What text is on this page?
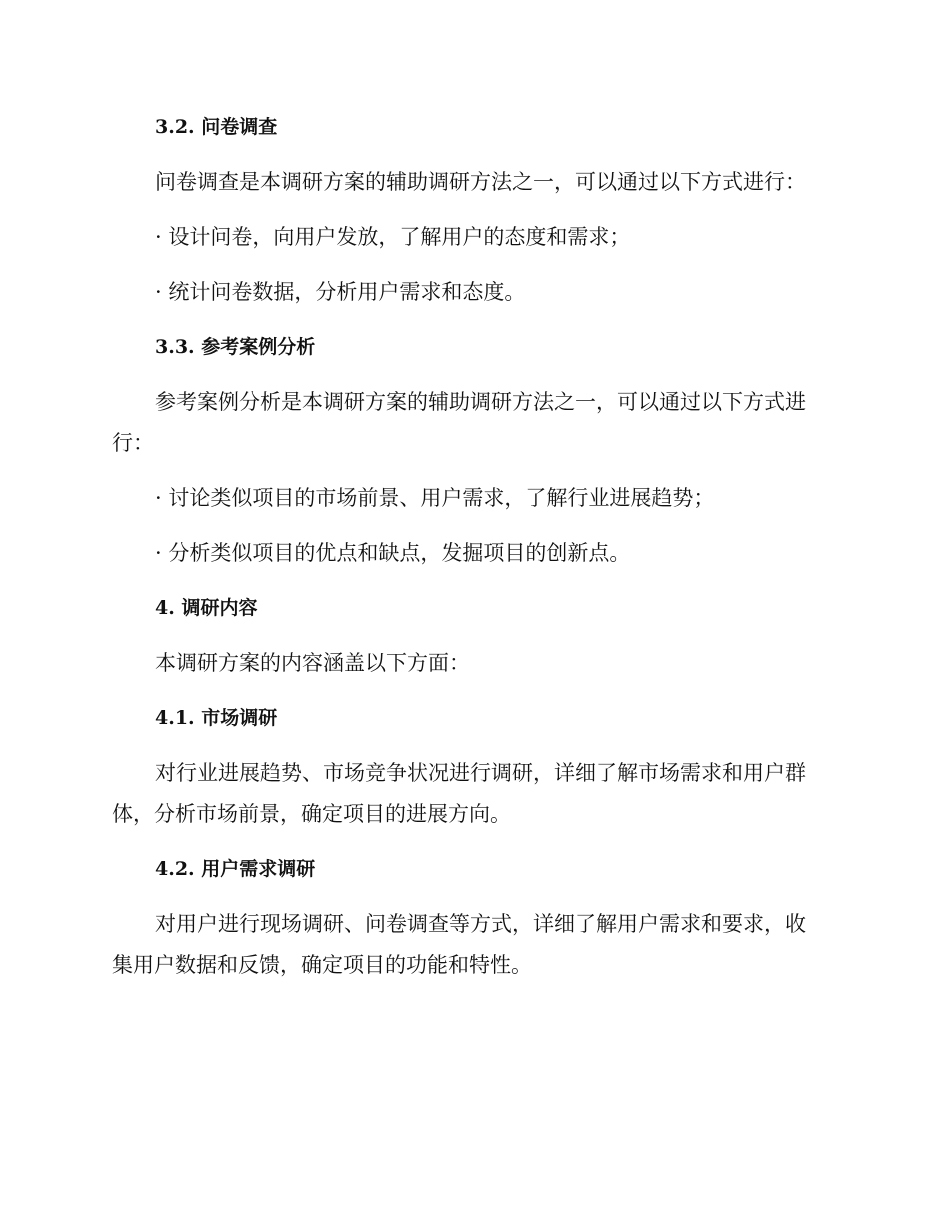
3.2. 问卷调查

问卷调查是本调研方案的辅助调研方法之一，可以通过以下方式进行：

· 设计问卷，向用户发放，了解用户的态度和需求；

· 统计问卷数据，分析用户需求和态度。

3.3. 参考案例分析

参考案例分析是本调研方案的辅助调研方法之一，可以通过以下方式进

行：

· 讨论类似项目的市场前景、用户需求，了解行业进展趋势；

· 分析类似项目的优点和缺点，发掘项目的创新点。

4. 调研内容

本调研方案的内容涵盖以下方面：

4.1. 市场调研

对行业进展趋势、市场竞争状况进行调研，详细了解市场需求和用户群

体，分析市场前景，确定项目的进展方向。

4.2. 用户需求调研

对用户进行现场调研、问卷调查等方式，详细了解用户需求和要求，收

集用户数据和反馈，确定项目的功能和特性。
